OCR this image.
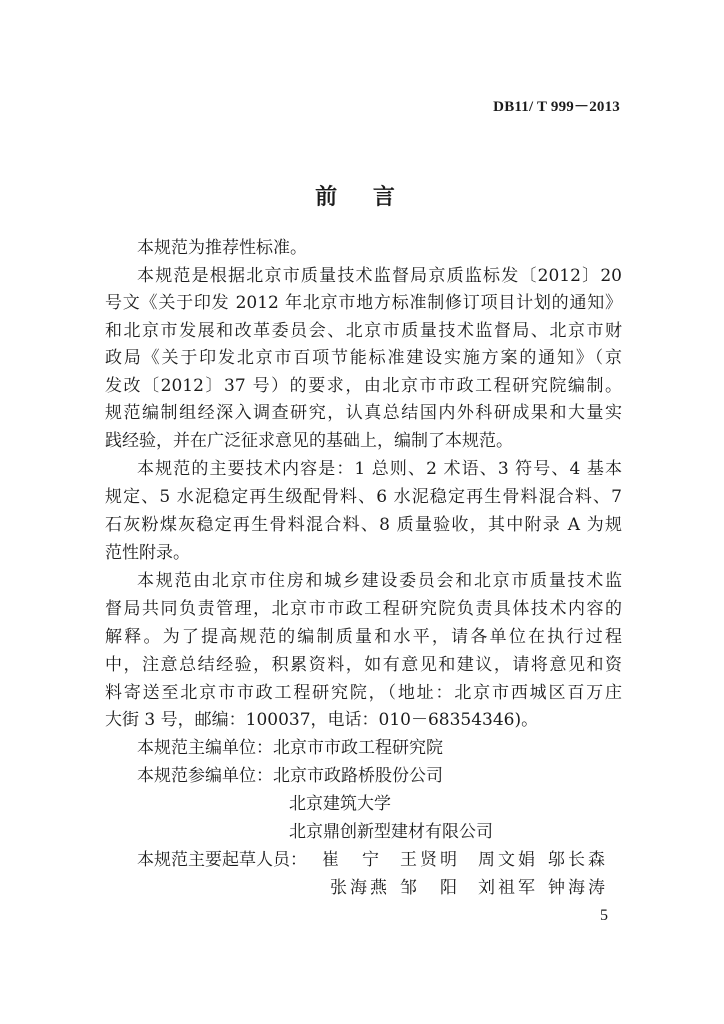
DB11/ T 999－2013
前 言
本规范为推荐性标准。
本规范是根据北京市质量技术监督局京质监标发〔2012〕20
号文《关于印发 2012 年北京市地方标准制修订项目计划的通知》
和北京市发展和改革委员会、北京市质量技术监督局、北京市财
政局《关于印发北京市百项节能标准建设实施方案的通知》（京
发改〔2012〕37 号）的要求，由北京市市政工程研究院编制。
规范编制组经深入调查研究，认真总结国内外科研成果和大量实
践经验，并在广泛征求意见的基础上，编制了本规范。
本规范的主要技术内容是：1 总则、2 术语、3 符号、4 基本
规定、5 水泥稳定再生级配骨料、6 水泥稳定再生骨料混合料、7
石灰粉煤灰稳定再生骨料混合料、8 质量验收，其中附录 A 为规
范性附录。
本规范由北京市住房和城乡建设委员会和北京市质量技术监
督局共同负责管理，北京市市政工程研究院负责具体技术内容的
解释。为了提高规范的编制质量和水平，请各单位在执行过程
中，注意总结经验，积累资料，如有意见和建议，请将意见和资
料寄送至北京市市政工程研究院，（地址：北京市西城区百万庄
大街 3 号，邮编：100037，电话：010－68354346)。
本规范主编单位：北京市市政工程研究院
本规范参编单位：北京市政路桥股份公司
北京建筑大学
北京鼎创新型建材有限公司
本规范主要起草人员： 崔　宁 王贤明 周文娟 邬长森
张海燕 邹　阳 刘祖军 钟海涛
5
